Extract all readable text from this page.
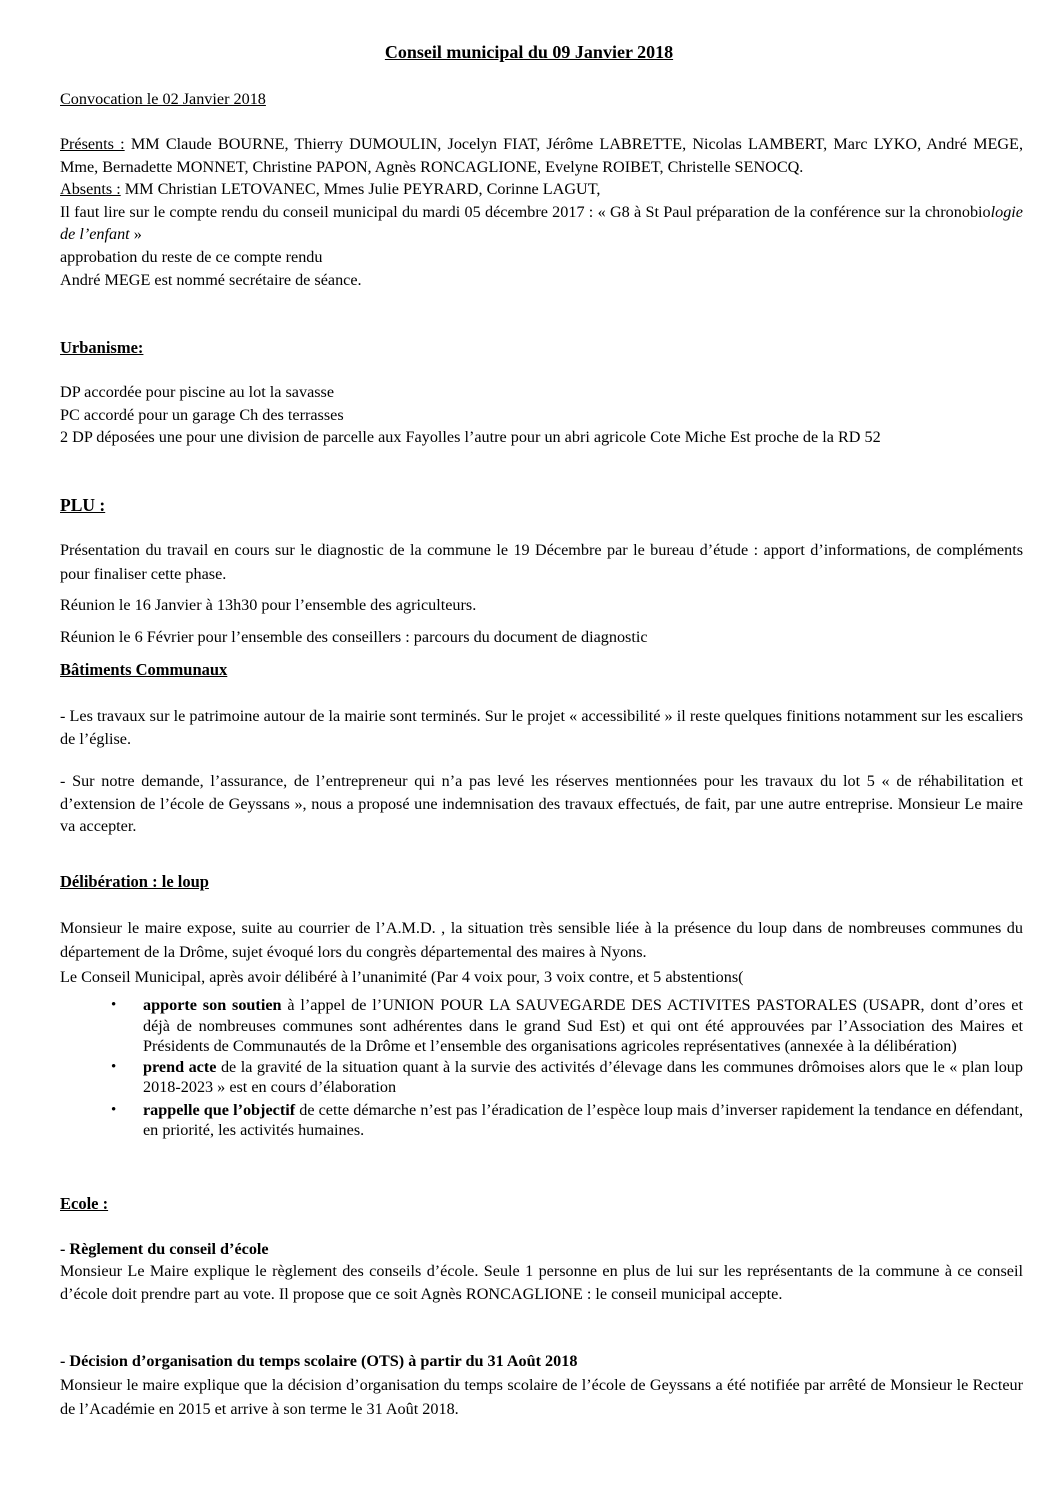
Conseil municipal du 09 Janvier 2018

Convocation le 02 Janvier 2018

Présents : MM Claude BOURNE, Thierry DUMOULIN, Jocelyn FIAT, Jérôme LABRETTE, Nicolas LAMBERT, Marc LYKO, André MEGE, Mme, Bernadette MONNET, Christine PAPON, Agnès RONCAGLIONE, Evelyne ROIBET, Christelle SENOCQ.
Absents : MM Christian LETOVANEC, Mmes Julie PEYRARD, Corinne LAGUT,
Il faut lire sur le compte rendu du conseil municipal du mardi 05 décembre 2017 : « G8 à St Paul préparation de la conférence sur la chronobiologie de l’enfant »
approbation du reste de ce compte rendu
André MEGE est nommé secrétaire de séance.

Urbanisme:

DP accordée pour piscine au lot la savasse
PC accordé pour un garage Ch des terrasses
2 DP déposées une pour une division de parcelle aux Fayolles l’autre pour un abri agricole Cote Miche Est proche de la RD 52

PLU :

Présentation du travail en cours sur le diagnostic de la commune le 19 Décembre par le bureau d’étude : apport d’informations, de compléments pour finaliser cette phase.

Réunion le 16 Janvier à 13h30 pour l’ensemble des agriculteurs.

Réunion le 6 Février pour l’ensemble des conseillers : parcours du document de diagnostic

Bâtiments Communaux

- Les travaux sur le patrimoine autour de la mairie sont terminés. Sur le projet « accessibilité » il reste quelques finitions notamment sur les escaliers de l’église.

- Sur notre demande, l’assurance, de l’entrepreneur qui n’a pas levé les réserves mentionnées pour les travaux du lot 5 « de réhabilitation et d’extension de l’école de Geyssans », nous a proposé une indemnisation des travaux effectués, de fait, par une autre entreprise. Monsieur Le maire va accepter.

Délibération : le loup

Monsieur le maire expose, suite au courrier de l’A.M.D. , la situation très sensible liée à la présence du loup dans de nombreuses communes du département de la Drôme, sujet évoqué lors du congrès départemental des maires à Nyons.

Le Conseil Municipal, après avoir délibéré à l’unanimité (Par 4 voix pour, 3 voix contre, et 5 abstentions(

• apporte son soutien à l’appel de l’UNION POUR LA SAUVEGARDE DES ACTIVITES PASTORALES (USAPR, dont d’ores et déjà de nombreuses communes sont adhérentes dans le grand Sud Est) et qui ont été approuvées par l’Association des Maires et Présidents de Communautés de la Drôme et l’ensemble des organisations agricoles représentatives (annexée à la délibération)
• prend acte de la gravité de la situation quant à la survie des activités d’élevage dans les communes drômoises alors que le « plan loup 2018-2023 » est en cours d’élaboration
• rappelle que l’objectif de cette démarche n’est pas l’éradication de l’espèce loup mais d’inverser rapidement la tendance en défendant, en priorité, les activités humaines.

Ecole :

- Règlement du conseil d’école

Monsieur Le Maire explique le règlement des conseils d’école. Seule 1 personne en plus de lui sur les représentants de la commune à ce conseil d’école doit prendre part au vote. Il propose que ce soit Agnès RONCAGLIONE : le conseil municipal accepte.

- Décision d’organisation du temps scolaire (OTS) à partir du 31 Août 2018

Monsieur le maire explique que la décision d’organisation du temps scolaire de l’école de Geyssans a été notifiée par arrêté de Monsieur le Recteur de l’Académie en 2015 et arrive à son terme le 31 Août 2018.
